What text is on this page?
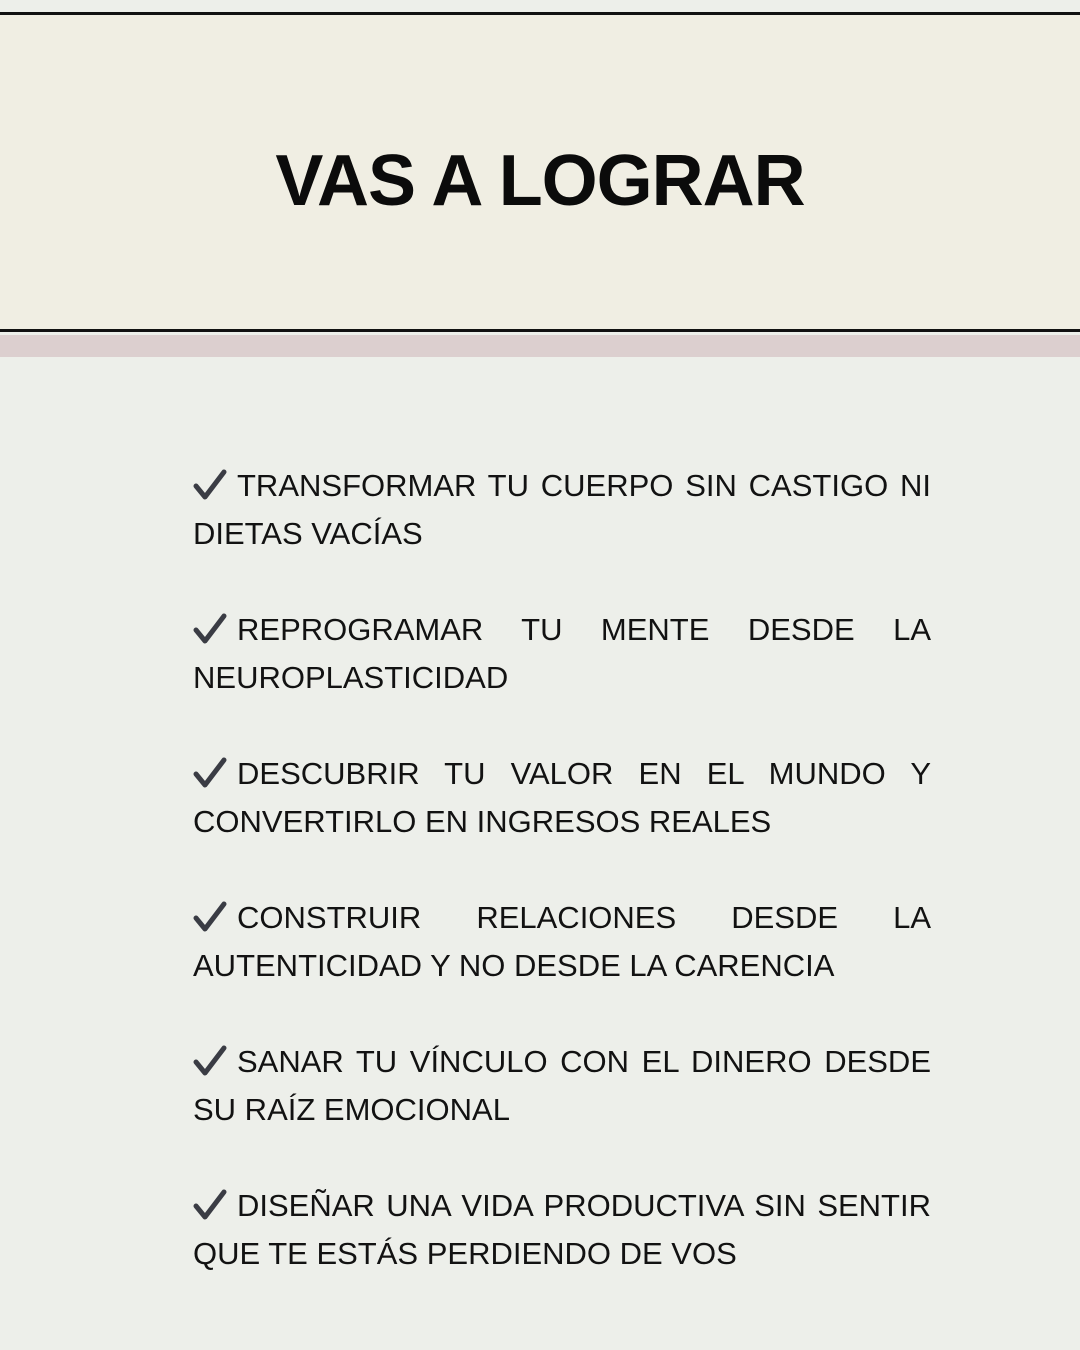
VAS A LOGRAR
TRANSFORMAR TU CUERPO SIN CASTIGO NI DIETAS VACÍAS
REPROGRAMAR TU MENTE DESDE LA NEUROPLASTICIDAD
DESCUBRIR TU VALOR EN EL MUNDO Y CONVERTIRLO EN INGRESOS REALES
CONSTRUIR RELACIONES DESDE LA AUTENTICIDAD Y NO DESDE LA CARENCIA
SANAR TU VÍNCULO CON EL DINERO DESDE SU RAÍZ EMOCIONAL
DISEÑAR UNA VIDA PRODUCTIVA SIN SENTIR QUE TE ESTÁS PERDIENDO DE VOS
